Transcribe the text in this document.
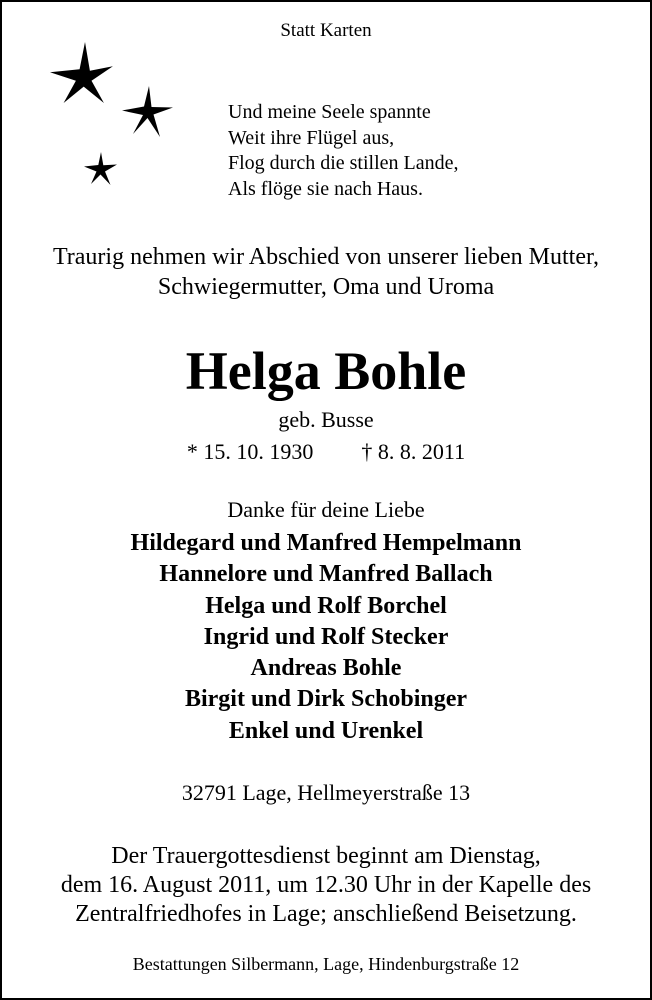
Statt Karten
Und meine Seele spannte
Weit ihre Flügel aus,
Flog durch die stillen Lande,
Als flöge sie nach Haus.
Traurig nehmen wir Abschied von unserer lieben Mutter,
Schwiegermutter, Oma und Uroma
Helga Bohle
geb. Busse
* 15. 10. 1930 † 8. 8. 2011
Danke für deine Liebe
Hildegard und Manfred Hempelmann
Hannelore und Manfred Ballach
Helga und Rolf Borchel
Ingrid und Rolf Stecker
Andreas Bohle
Birgit und Dirk Schobinger
Enkel und Urenkel
32791 Lage, Hellmeyerstraße 13
Der Trauergottesdienst beginnt am Dienstag,
dem 16. August 2011, um 12.30 Uhr in der Kapelle des
Zentralfriedhofes in Lage; anschließend Beisetzung.
Bestattungen Silbermann, Lage, Hindenburgstraße 12
